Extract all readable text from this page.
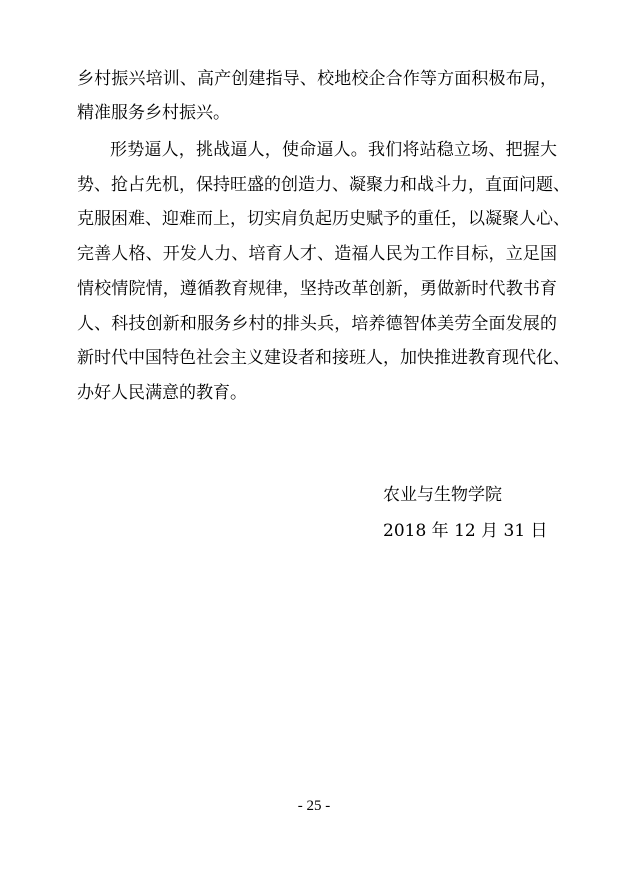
乡村振兴培训、高产创建指导、校地校企合作等方面积极布局，
精准服务乡村振兴。
形势逼人，挑战逼人，使命逼人。我们将站稳立场、把握大
势、抢占先机，保持旺盛的创造力、凝聚力和战斗力，直面问题、
克服困难、迎难而上，切实肩负起历史赋予的重任，以凝聚人心、
完善人格、开发人力、培育人才、造福人民为工作目标，立足国
情校情院情，遵循教育规律，坚持改革创新，勇做新时代教书育
人、科技创新和服务乡村的排头兵，培养德智体美劳全面发展的
新时代中国特色社会主义建设者和接班人，加快推进教育现代化、
办好人民满意的教育。
农业与生物学院
2018 年 12 月 31 日
- 25 -
